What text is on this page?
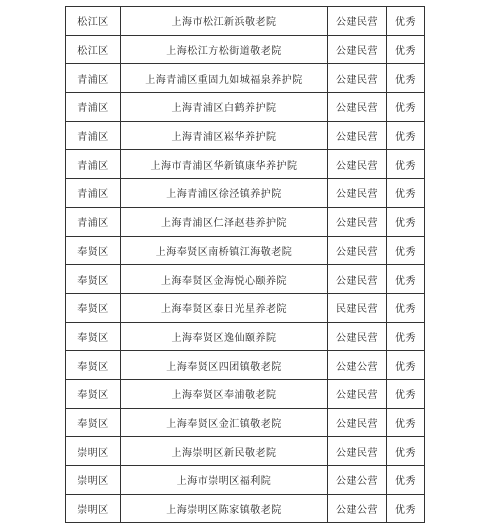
松江区	上海市松江新浜敬老院	公建民营	优秀
松江区	上海松江方松街道敬老院	公建民营	优秀
青浦区	上海青浦区重固九如城福泉养护院	公建民营	优秀
青浦区	上海青浦区白鹤养护院	公建民营	优秀
青浦区	上海青浦区崧华养护院	公建民营	优秀
青浦区	上海市青浦区华新镇康华养护院	公建民营	优秀
青浦区	上海青浦区徐泾镇养护院	公建民营	优秀
青浦区	上海青浦区仁泽赵巷养护院	公建民营	优秀
奉贤区	上海奉贤区南桥镇江海敬老院	公建民营	优秀
奉贤区	上海奉贤区金海悦心颐养院	公建民营	优秀
奉贤区	上海奉贤区泰日光星养老院	民建民营	优秀
奉贤区	上海奉贤区逸仙颐养院	公建民营	优秀
奉贤区	上海奉贤区四团镇敬老院	公建公营	优秀
奉贤区	上海奉贤区奉浦敬老院	公建民营	优秀
奉贤区	上海奉贤区金汇镇敬老院	公建民营	优秀
崇明区	上海崇明区新民敬老院	公建民营	优秀
崇明区	上海市崇明区福利院	公建公营	优秀
崇明区	上海崇明区陈家镇敬老院	公建公营	优秀
